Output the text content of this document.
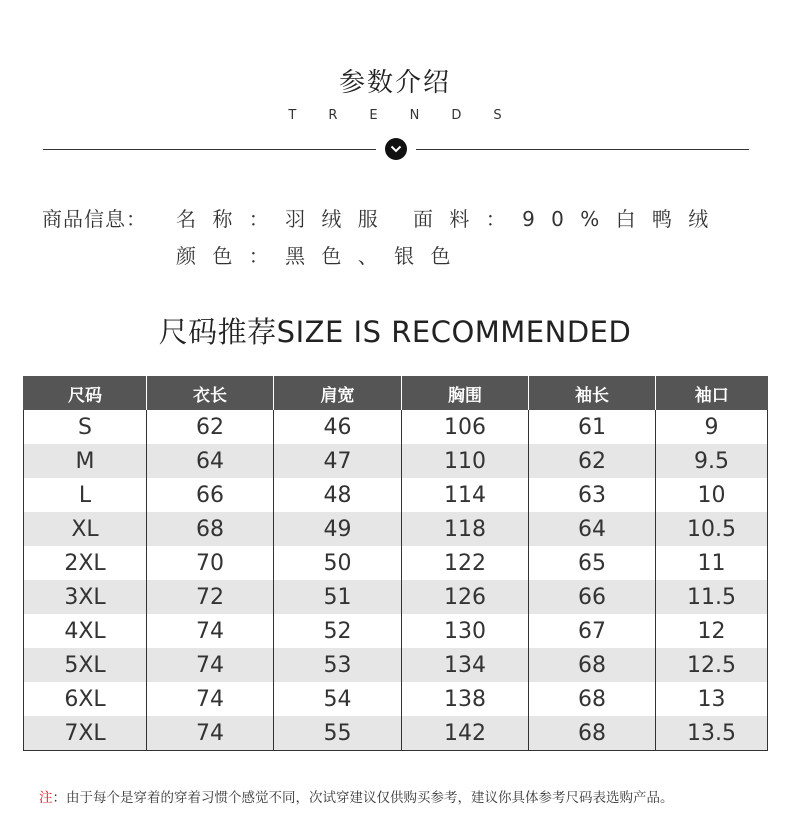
参数介绍
T R E N D S
商品信息： 名 称 ： 羽 绒 服 面 料 ： 9 0 % 白 鸭 绒
颜 色 ： 黑 色 、 银 色
尺码推荐SIZE IS RECOMMENDED
尺码	衣长	肩宽	胸围	袖长	袖口
S	62	46	106	61	9
M	64	47	110	62	9.5
L	66	48	114	63	10
XL	68	49	118	64	10.5
2XL	70	50	122	65	11
3XL	72	51	126	66	11.5
4XL	74	52	130	67	12
5XL	74	53	134	68	12.5
6XL	74	54	138	68	13
7XL	74	55	142	68	13.5
注：由于每个是穿着的穿着习惯个感觉不同，次试穿建议仅供购买参考，建议你具体参考尺码表选购产品。
